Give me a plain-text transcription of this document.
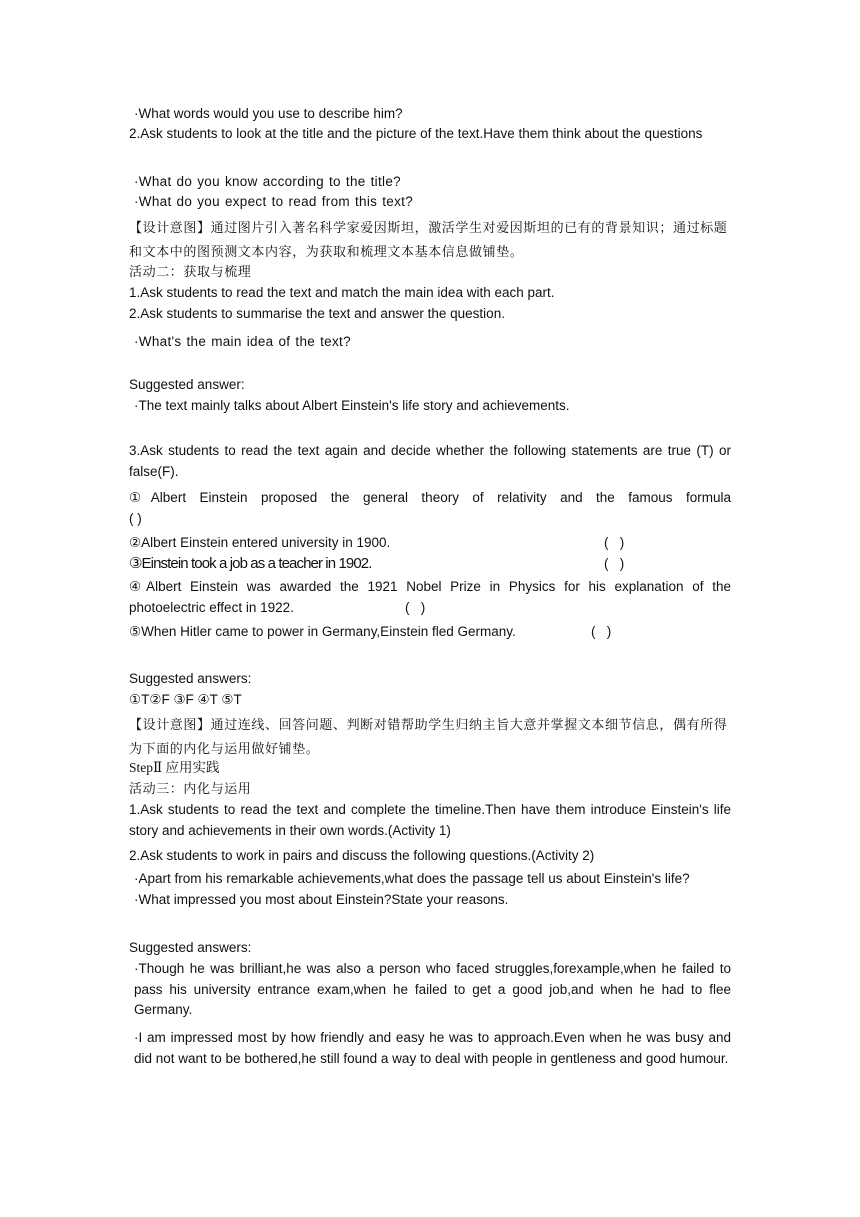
·What words would you use to describe him?
2.Ask students to look at the title and the picture of the text.Have them think about the questions
·What do you know according to the title?
·What do you expect to read from this text?
【设计意图】通过图片引入著名科学家爱因斯坦，激活学生对爱因斯坦的已有的背景知识；通过标题和文本中的图预测文本内容，为获取和梳理文本基本信息做铺垫。
活动二：获取与梳理
1.Ask students to read the text and match the main idea with each part.
2.Ask students to summarise the text and answer the question.
·What's the main idea of the text?
Suggested answer:
·The text mainly talks about Albert Einstein's life story and achievements.
3.Ask students to read the text again and decide whether the following statements are true (T) or false(F).
①Albert Einstein proposed the general theory of relativity and the famous formula
( )
②Albert Einstein entered university in 1900.	(   )
③Einstein took a job as a teacher in 1902.	(   )
④Albert Einstein was awarded the 1921 Nobel Prize in Physics for his explanation of the photoelectric effect in 1922.	(   )
⑤When Hitler came to power in Germany,Einstein fled Germany.	(   )
Suggested answers:
①T②F ③F ④T ⑤T
【设计意图】通过连线、回答问题、判断对错帮助学生归纳主旨大意并掌握文本细节信息，偶有所得为下面的内化与运用做好铺垫。
StepⅡ 应用实践
活动三：内化与运用
1.Ask students to read the text and complete the timeline.Then have them introduce Einstein's life story and achievements in their own words.(Activity 1)
2.Ask students to work in pairs and discuss the following questions.(Activity 2)
·Apart from his remarkable achievements,what does the passage tell us about Einstein's life?
·What impressed you most about Einstein?State your reasons.
Suggested answers:
·Though he was brilliant,he was also a person who faced struggles,forexample,when he failed to pass his university entrance exam,when he failed to get a good job,and when he had to flee Germany.
·I am impressed most by how friendly and easy he was to approach.Even when he was busy and did not want to be bothered,he still found a way to deal with people in gentleness and good humour.
